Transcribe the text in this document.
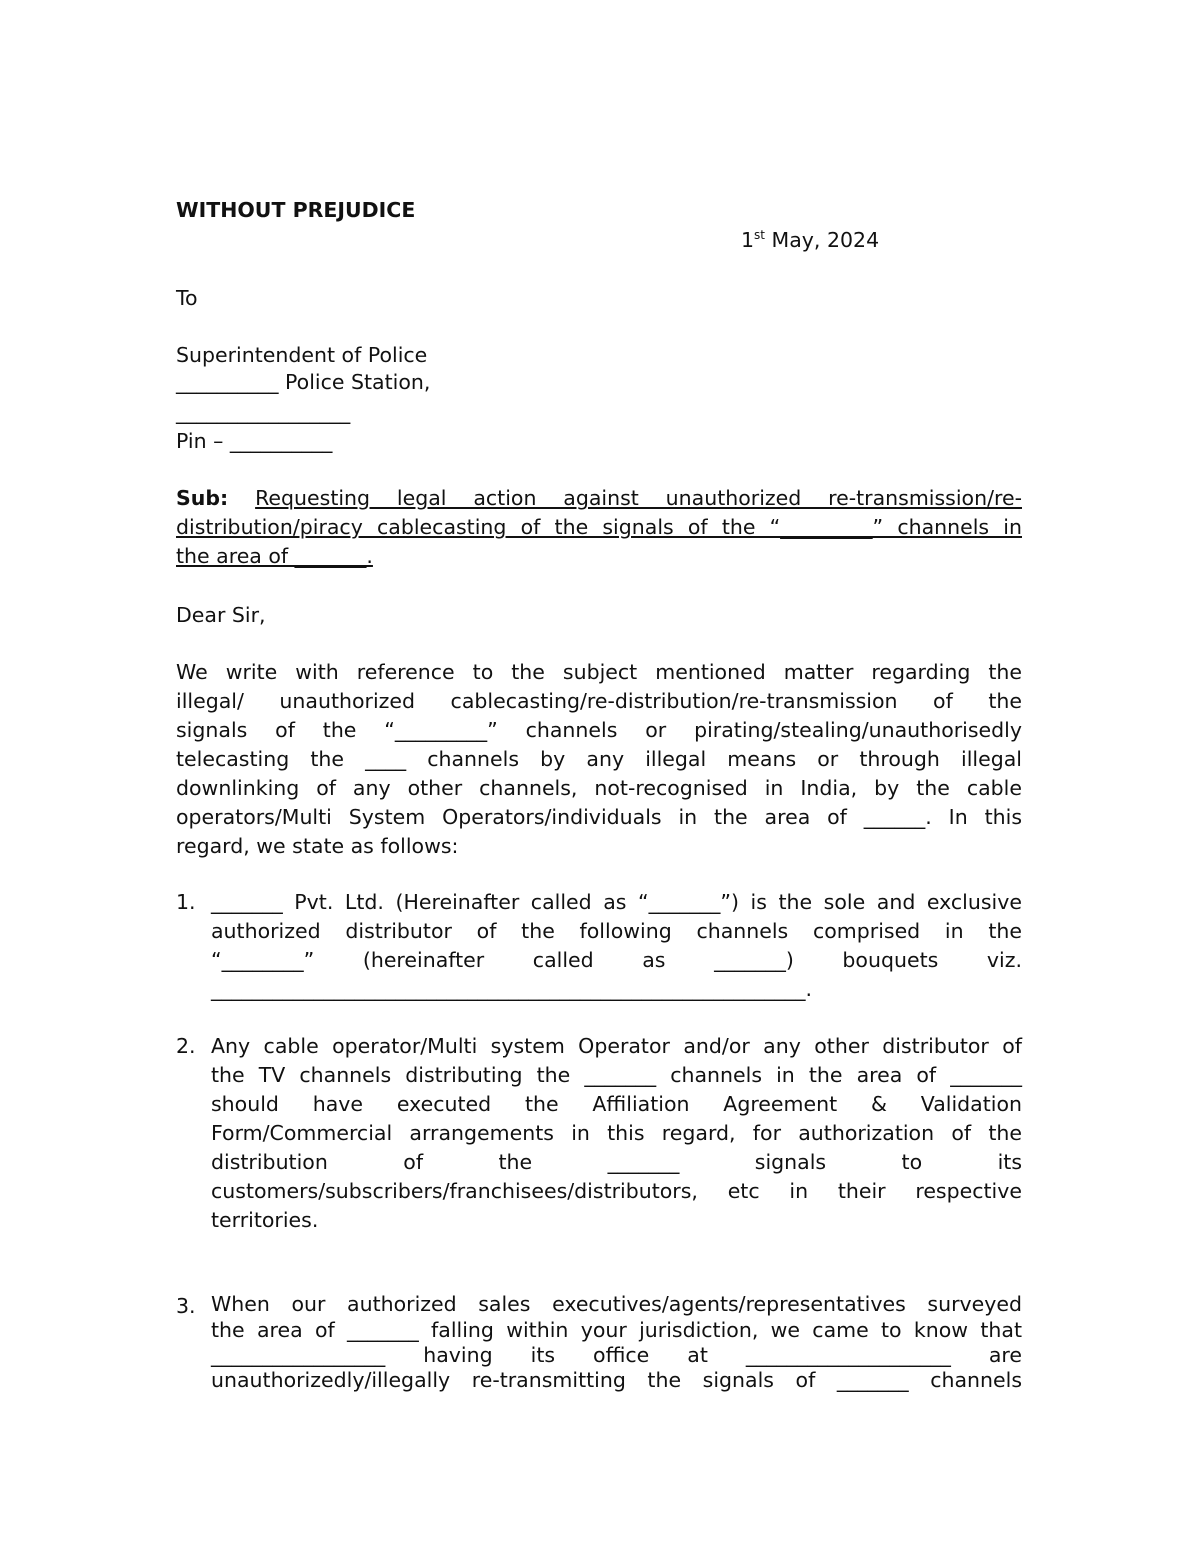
WITHOUT PREJUDICE
1st May, 2024
To
Superintendent of Police
__________ Police Station,
_________________
Pin – __________
Sub: Requesting legal action against unauthorized re-transmission/re-
distribution/piracy cablecasting of the signals of the “_________” channels in
the area of _______.
Dear Sir,
We write with reference to the subject mentioned matter regarding the
illegal/ unauthorized cablecasting/re-distribution/re-transmission of the
signals of the “_________” channels or pirating/stealing/unauthorisedly
telecasting the ____ channels by any illegal means or through illegal
downlinking of any other channels, not-recognised in India, by the cable
operators/Multi System Operators/individuals in the area of ______. In this
regard, we state as follows:
1. _______ Pvt. Ltd. (Hereinafter called as “_______”) is the sole and exclusive
authorized distributor of the following channels comprised in the
“________” (hereinafter called as _______) bouquets viz.
__________________________________________________________.
2. Any cable operator/Multi system Operator and/or any other distributor of
the TV channels distributing the _______ channels in the area of _______
should have executed the Affiliation Agreement & Validation
Form/Commercial arrangements in this regard, for authorization of the
distribution of the _______ signals to its
customers/subscribers/franchisees/distributors, etc in their respective
territories.
3. When our authorized sales executives/agents/representatives surveyed
the area of _______ falling within your jurisdiction, we came to know that
_________________ having its office at ____________________ are
unauthorizedly/illegally re-transmitting the signals of _______ channels
